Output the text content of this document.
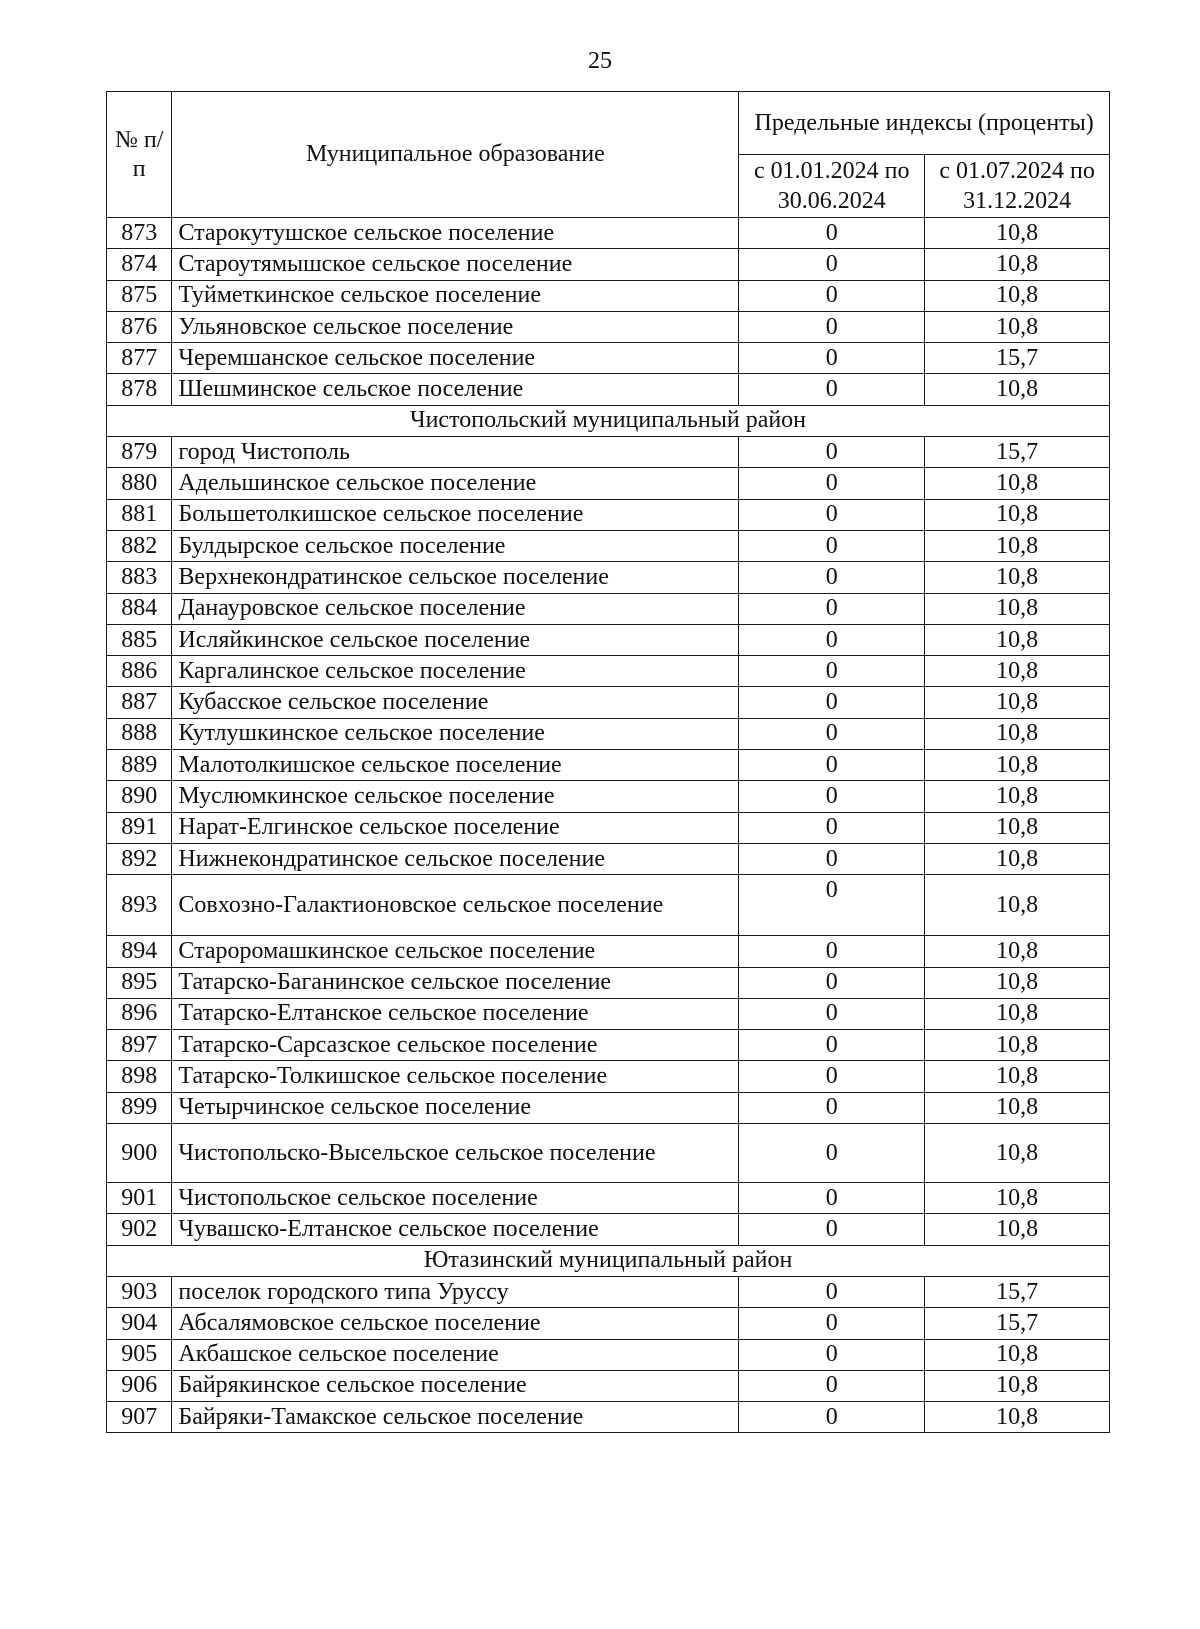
25
№ п/п	Муниципальное образование	Предельные индексы (проценты)	
		с 01.01.2024 по 30.06.2024	с 01.07.2024 по 31.12.2024
873	Старокутушское сельское поселение	0	10,8
874	Староутямышское сельское поселение	0	10,8
875	Туйметкинское сельское поселение	0	10,8
876	Ульяновское сельское поселение	0	10,8
877	Черемшанское сельское поселение	0	15,7
878	Шешминское сельское поселение	0	10,8
Чистопольский муниципальный район			
879	город Чистополь	0	15,7
880	Адельшинское сельское поселение	0	10,8
881	Большетолкишское сельское поселение	0	10,8
882	Булдырское сельское поселение	0	10,8
883	Верхнекондратинское сельское поселение	0	10,8
884	Данауровское сельское поселение	0	10,8
885	Исляйкинское сельское поселение	0	10,8
886	Каргалинское сельское поселение	0	10,8
887	Кубасское сельское поселение	0	10,8
888	Кутлушкинское сельское поселение	0	10,8
889	Малотолкишское сельское поселение	0	10,8
890	Муслюмкинское сельское поселение	0	10,8
891	Нарат-Елгинское сельское поселение	0	10,8
892	Нижнекондратинское сельское поселение	0	10,8
893	Совхозно-Галактионовское сельское поселение	0	10,8
894	Староромашкинское сельское поселение	0	10,8
895	Татарско-Баганинское сельское поселение	0	10,8
896	Татарско-Елтанское сельское поселение	0	10,8
897	Татарско-Сарсазское сельское поселение	0	10,8
898	Татарско-Толкишское сельское поселение	0	10,8
899	Четырчинское сельское поселение	0	10,8
900	Чистопольско-Высельское сельское поселение	0	10,8
901	Чистопольское сельское поселение	0	10,8
902	Чувашско-Елтанское сельское поселение	0	10,8
Ютазинский муниципальный район			
903	поселок городского типа Уруссу	0	15,7
904	Абсалямовское сельское поселение	0	15,7
905	Акбашское сельское поселение	0	10,8
906	Байрякинское сельское поселение	0	10,8
907	Байряки-Тамакское сельское поселение	0	10,8
